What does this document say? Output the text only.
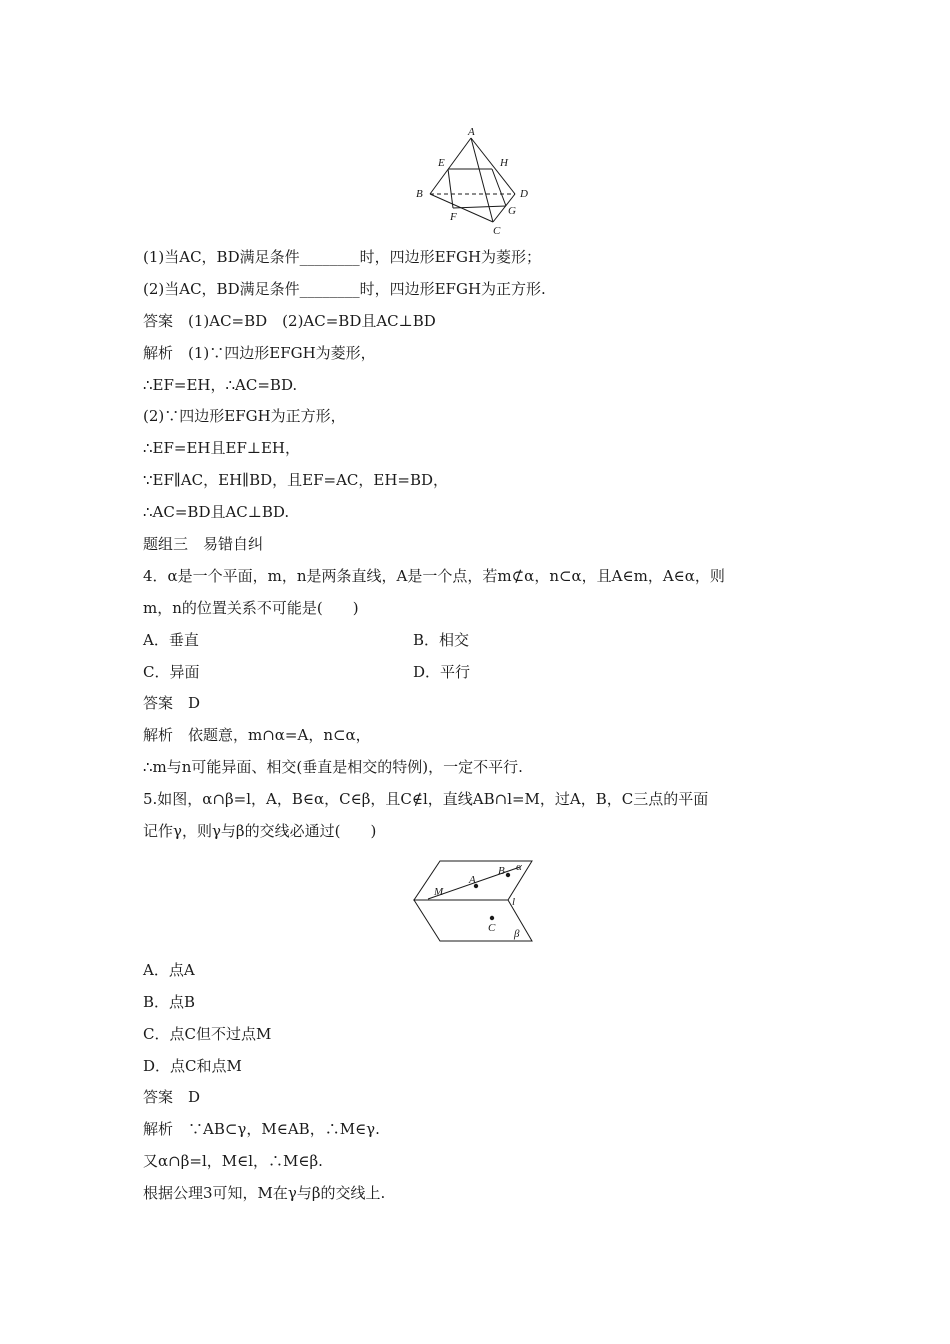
A
B
C
D
E
F	G
H
(1)当AC，BD满足条件________时，四边形EFGH为菱形；
(2)当AC，BD满足条件________时，四边形EFGH为正方形.
答案　(1)AC=BD　(2)AC=BD且AC⊥BD
解析　(1)∵四边形EFGH为菱形，
∴EF=EH，∴AC=BD.
(2)∵四边形EFGH为正方形，
∴EF=EH且EF⊥EH，
∵EF∥AC，EH∥BD，且EF=AC，EH=BD，
∴AC=BD且AC⊥BD.
题组三　易错自纠
4．α是一个平面，m，n是两条直线，A是一个点，若m⊄α，n⊂α，且A∈m，A∈α，则
m，n的位置关系不可能是(　　)
A．垂直	B．相交
C．异面	D．平行
答案　D
解析　依题意，m∩α=A，n⊂α，
∴m与n可能异面、相交(垂直是相交的特例)，一定不平行.
5.如图，α∩β=l，A，B∈α，C∈β，且C∉l，直线AB∩l=M，过A，B，C三点的平面
记作γ，则γ与β的交线必通过(　　)
M
A
B α
l
C β
A．点A
B．点B
C．点C但不过点M
D．点C和点M
答案　D
解析　∵AB⊂γ，M∈AB，∴M∈γ.
又α∩β=l，M∈l，∴M∈β.
根据公理3可知，M在γ与β的交线上.
